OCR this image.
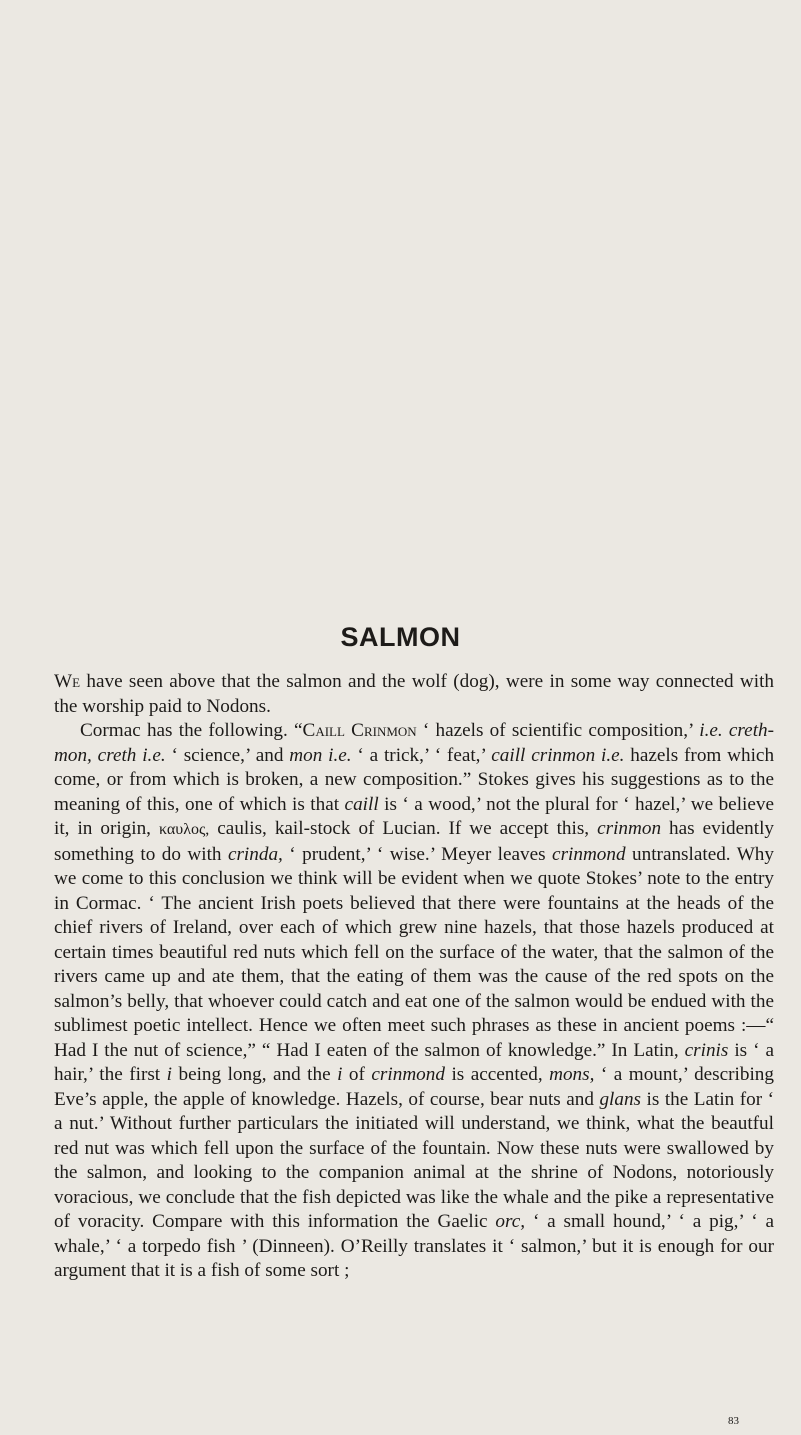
SALMON

We have seen above that the salmon and the wolf (dog), were in some way connected with the worship paid to Nodons.

Cormac has the following. “Caill Crinmon ‘ hazels of scientific composition,’ i.e. creth-mon, creth i.e. ‘ science,’ and mon i.e. ‘ a trick,’ ‘ feat,’ caill crinmon i.e. hazels from which come, or from which is broken, a new composition.” Stokes gives his suggestions as to the meaning of this, one of which is that caill is ‘ a wood,’ not the plural for ‘ hazel,’ we believe it, in origin, καυλος, caulis, kail-stock of Lucian. If we accept this, crinmon has evidently something to do with crinda, ‘ prudent,’ ‘ wise.’ Meyer leaves crinmond untranslated. Why we come to this conclusion we think will be evident when we quote Stokes’ note to the entry in Cormac. ‘ The ancient Irish poets believed that there were fountains at the heads of the chief rivers of Ireland, over each of which grew nine hazels, that those hazels produced at certain times beautiful red nuts which fell on the surface of the water, that the salmon of the rivers came up and ate them, that the eating of them was the cause of the red spots on the salmon’s belly, that whoever could catch and eat one of the salmon would be endued with the sublimest poetic intellect. Hence we often meet such phrases as these in ancient poems :—“ Had I the nut of science,” “ Had I eaten of the salmon of knowledge.” In Latin, crinis is ‘ a hair,’ the first i being long, and the i of crinmond is accented, mons, ‘ a mount,’ describing Eve’s apple, the apple of knowledge. Hazels, of course, bear nuts and glans is the Latin for ‘ a nut.’ Without further particulars the initiated will understand, we think, what the beautful red nut was which fell upon the surface of the fountain. Now these nuts were swallowed by the salmon, and looking to the companion animal at the shrine of Nodons, notoriously voracious, we conclude that the fish depicted was like the whale and the pike a representative of voracity. Compare with this information the Gaelic orc, ‘ a small hound,’ ‘ a pig,’ ‘ a whale,’ ‘ a torpedo fish ’ (Dinneen). O’Reilly translates it ‘ salmon,’ but it is enough for our argument that it is a fish of some sort ;

83
